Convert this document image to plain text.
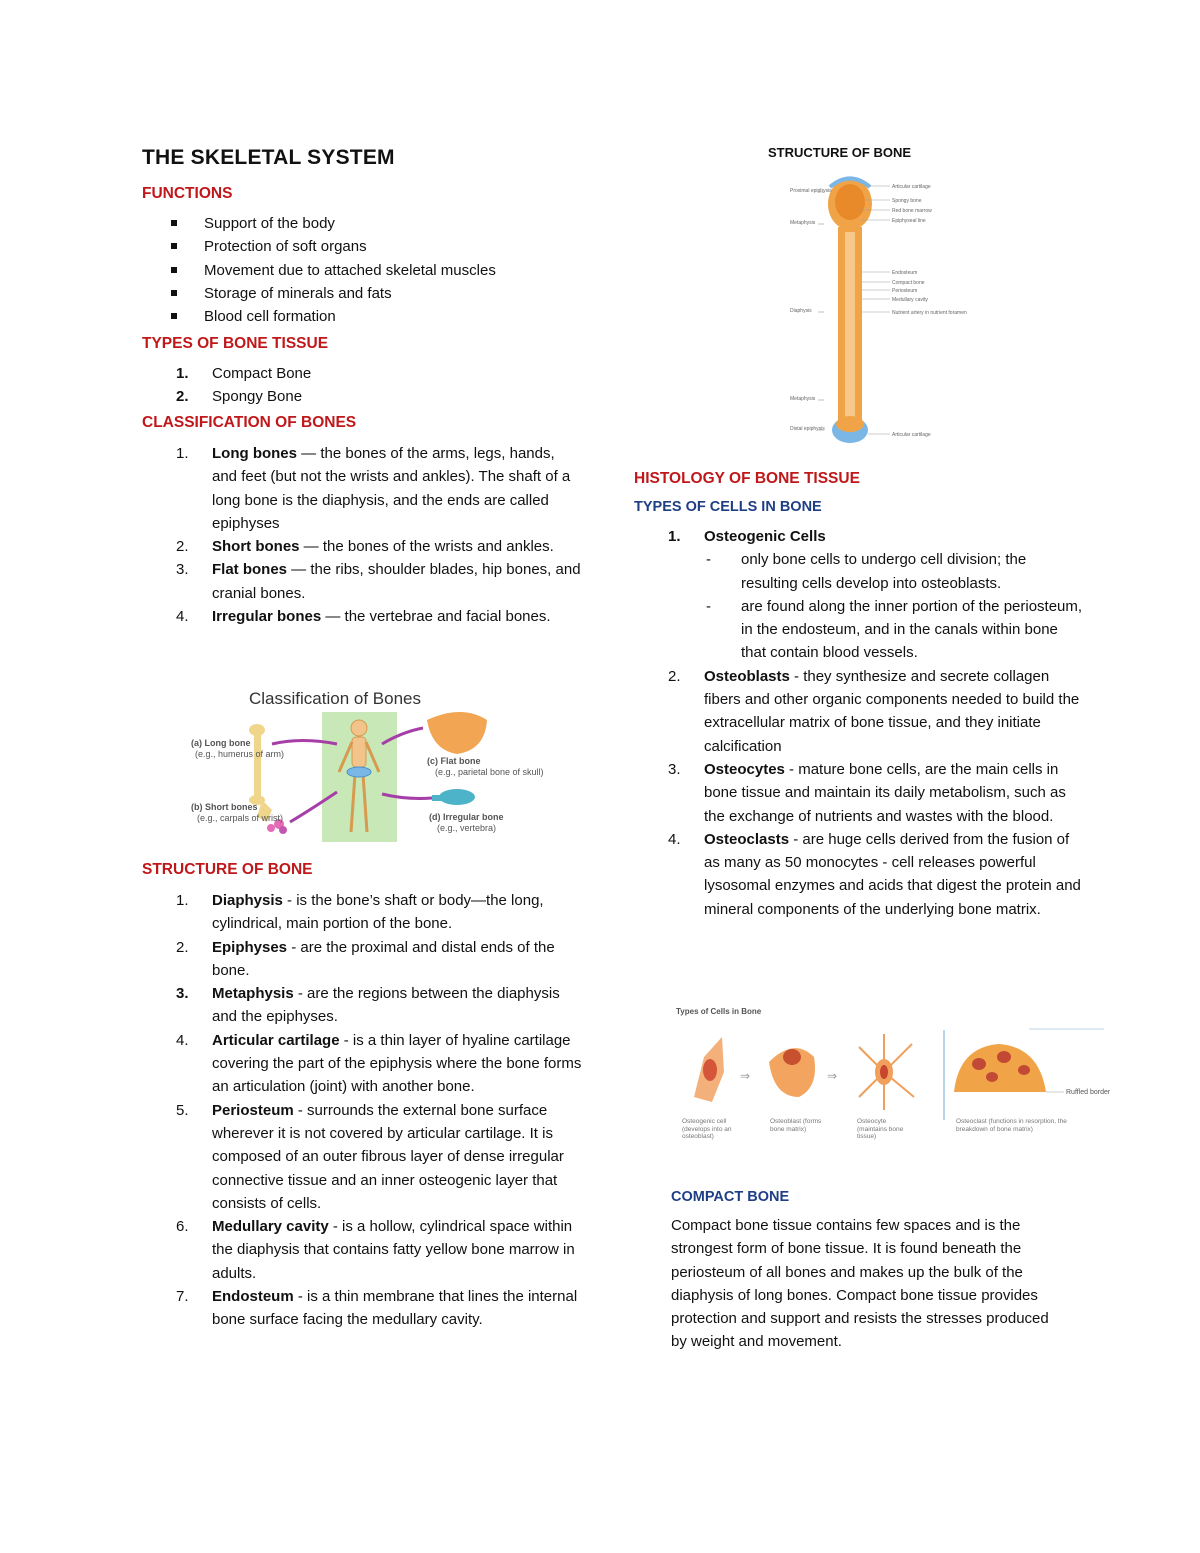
THE SKELETAL SYSTEM
FUNCTIONS
Support of the body
Protection of soft organs
Movement due to attached skeletal muscles
Storage of minerals and fats
Blood cell formation
TYPES OF BONE TISSUE
1. Compact Bone
2. Spongy Bone
CLASSIFICATION OF BONES
1. Long bones — the bones of the arms, legs, hands, and feet (but not the wrists and ankles). The shaft of a long bone is the diaphysis, and the ends are called epiphyses
2. Short bones — the bones of the wrists and ankles.
3. Flat bones — the ribs, shoulder blades, hip bones, and cranial bones.
4. Irregular bones — the vertebrae and facial bones.
Classification of Bones
(a) Long bone
(e.g., humerus of arm)
(b) Short bones
(e.g., carpals of wrist)
(c) Flat bone
(e.g., parietal bone of skull)
(d) Irregular bone
(e.g., vertebra)
STRUCTURE OF BONE
1. Diaphysis - is the bone’s shaft or body—the long, cylindrical, main portion of the bone.
2. Epiphyses - are the proximal and distal ends of the bone.
3. Metaphysis - are the regions between the diaphysis and the epiphyses.
4. Articular cartilage - is a thin layer of hyaline cartilage covering the part of the epiphysis where the bone forms an articulation (joint) with another bone.
5. Periosteum - surrounds the external bone surface wherever it is not covered by articular cartilage. It is composed of an outer fibrous layer of dense irregular connective tissue and an inner osteogenic layer that consists of cells.
6. Medullary cavity - is a hollow, cylindrical space within the diaphysis that contains fatty yellow bone marrow in adults.
7. Endosteum - is a thin membrane that lines the internal bone surface facing the medullary cavity.
STRUCTURE OF BONE
Proximal epiphysis
Metaphysis
Diaphysis
Metaphysis
Distal epiphysis
Articular cartilage
Spongy bone
Red bone marrow
Epiphyseal line
Endosteum
Compact bone
Periosteum
Medullary cavity
Nutrient artery in nutrient foramen
Articular cartilage
HISTOLOGY OF BONE TISSUE
TYPES OF CELLS IN BONE
1. Osteogenic Cells
- only bone cells to undergo cell division; the resulting cells develop into osteoblasts.
- are found along the inner portion of the periosteum, in the endosteum, and in the canals within bone that contain blood vessels.
2. Osteoblasts - they synthesize and secrete collagen fibers and other organic components needed to build the extracellular matrix of bone tissue, and they initiate calcification
3. Osteocytes - mature bone cells, are the main cells in bone tissue and maintain its daily metabolism, such as the exchange of nutrients and wastes with the blood.
4. Osteoclasts - are huge cells derived from the fusion of as many as 50 monocytes - cell releases powerful lysosomal enzymes and acids that digest the protein and mineral components of the underlying bone matrix.
Types of Cells in Bone
⇒	⇒
Ruffled border
Osteogenic cell (develops into an osteoblast)
Osteoblast (forms bone matrix)
Osteocyte (maintains bone tissue)
Osteoclast (functions in resorption, the breakdown of bone matrix)
COMPACT BONE
Compact bone tissue contains few spaces and is the strongest form of bone tissue. It is found beneath the periosteum of all bones and makes up the bulk of the diaphysis of long bones. Compact bone tissue provides protection and support and resists the stresses produced by weight and movement.
